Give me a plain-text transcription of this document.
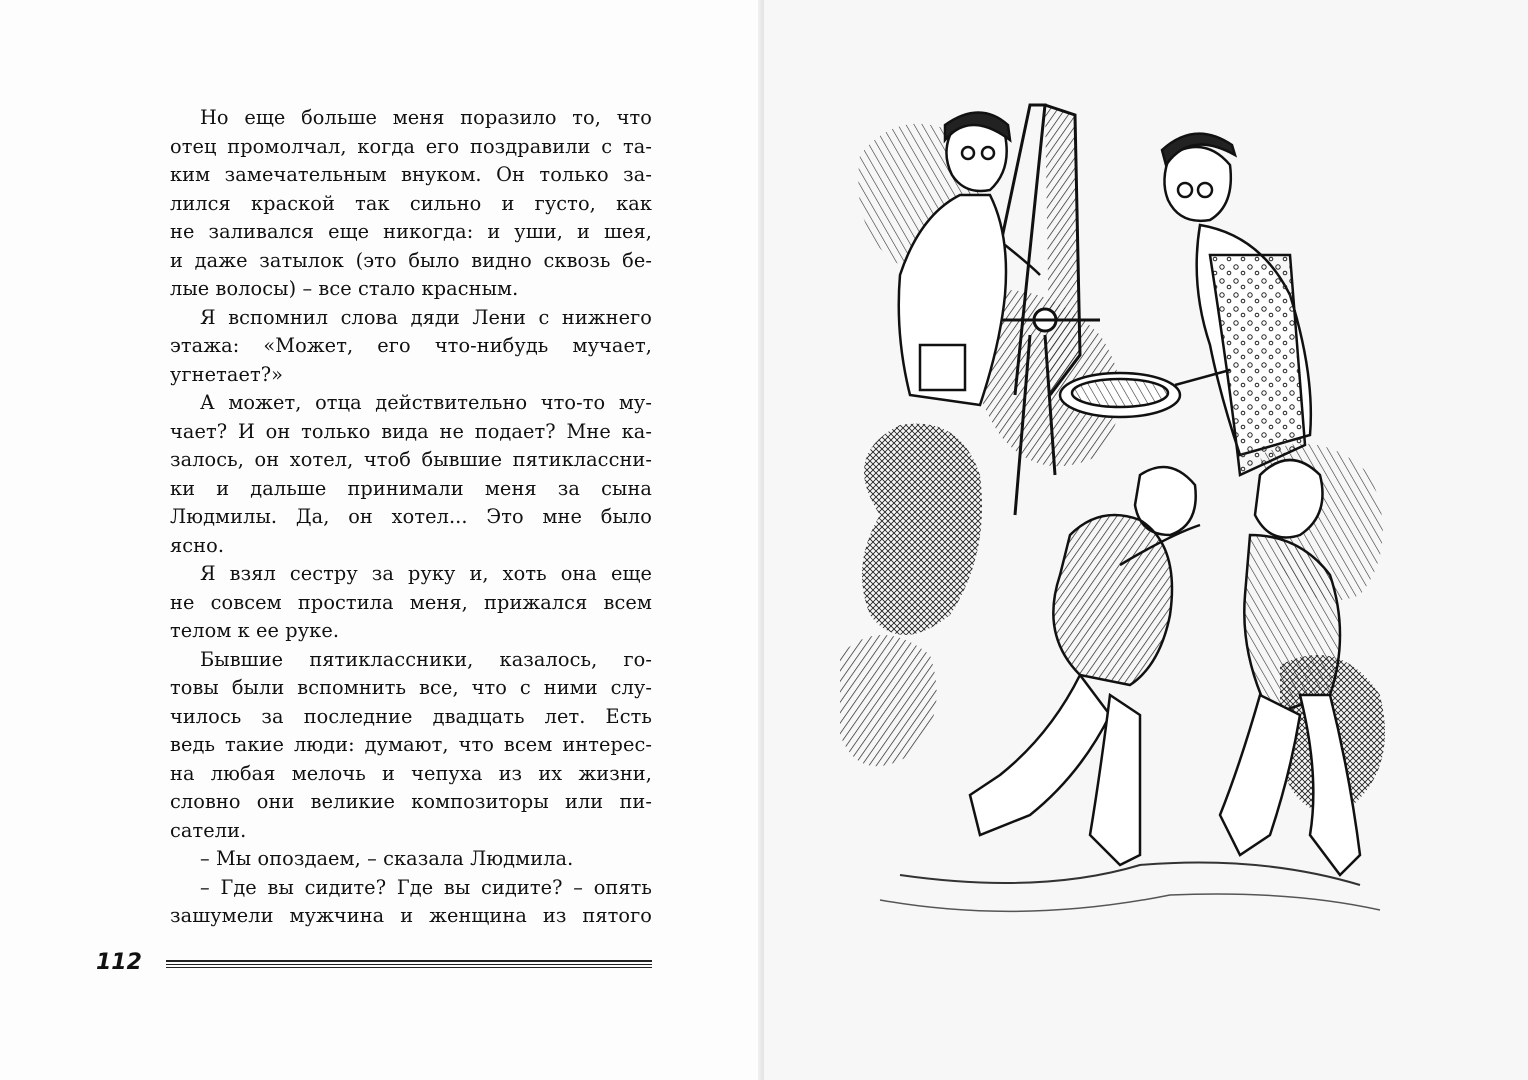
Но еще больше меня поразило то, что
отец промолчал, когда его поздравили с та-
ким замечательным внуком. Он только за-
лился краской так сильно и густо, как
не заливался еще никогда: и уши, и шея,
и даже затылок (это было видно сквозь бе-
лые волосы) – все стало красным.
Я вспомнил слова дяди Лени с нижнего
этажа: «Может, его что-нибудь мучает,
угнетает?»
А может, отца действительно что-то му-
чает? И он только вида не подает? Мне ка-
залось, он хотел, чтоб бывшие пятиклассни-
ки и дальше принимали меня за сына
Людмилы. Да, он хотел... Это мне было
ясно.
Я взял сестру за руку и, хоть она еще
не совсем простила меня, прижался всем
телом к ее руке.
Бывшие пятиклассники, казалось, го-
товы были вспомнить все, что с ними слу-
чилось за последние двадцать лет. Есть
ведь такие люди: думают, что всем интерес-
на любая мелочь и чепуха из их жизни,
словно они великие композиторы или пи-
сатели.
– Мы опоздаем, – сказала Людмила.
– Где вы сидите? Где вы сидите? – опять
зашумели мужчина и женщина из пятого
112
